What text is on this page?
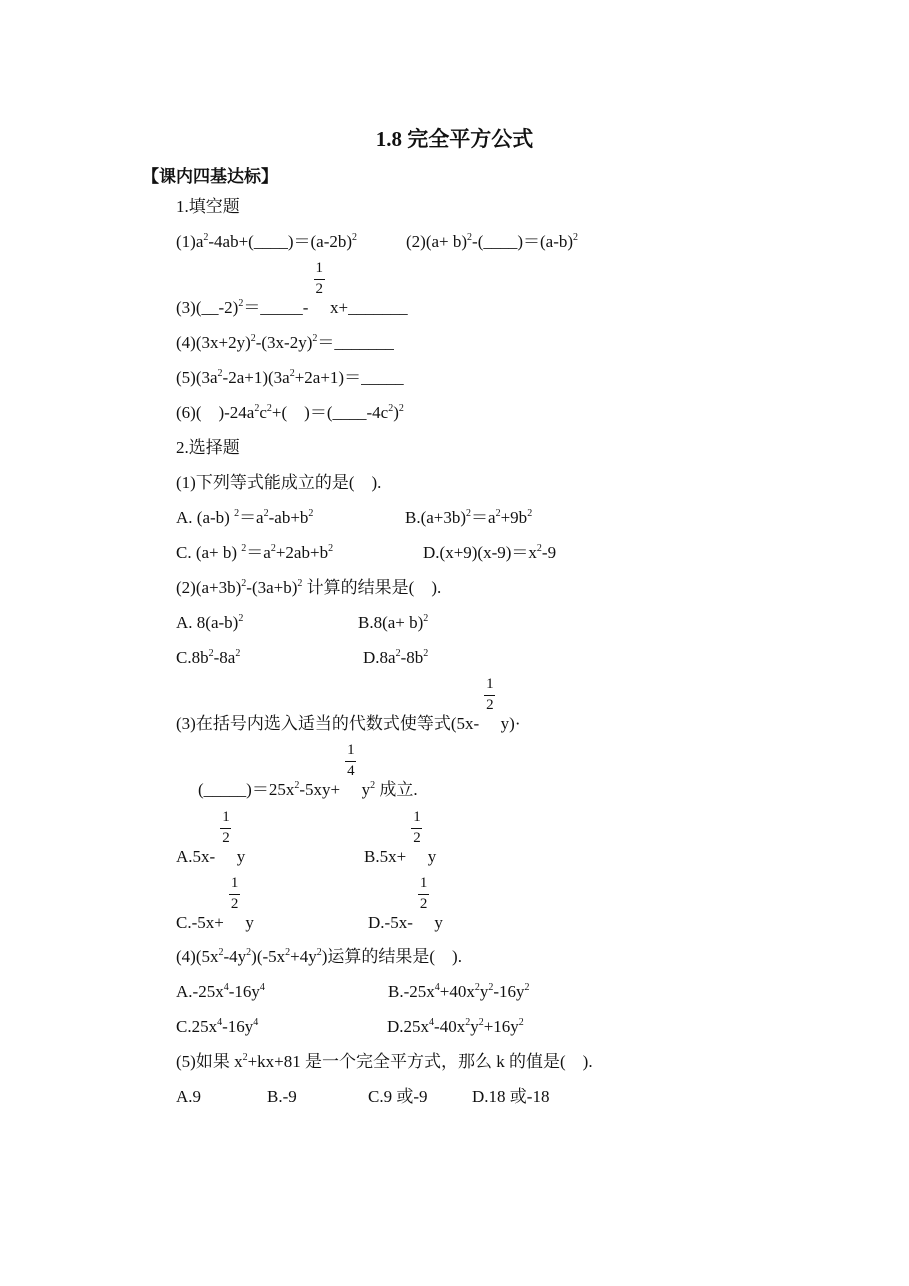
1.8 完全平方公式
【课内四基达标】
1.填空题
$(1)a^2-4ab+(\_\_\_\_)=(a-2b)^2$	$(2)(a+ b)^2-(\_\_\_\_)=(a-b)^2$
(3)(__-2)$^2$＝_____- $\frac{1}{2}$ x+_______
$(4)(3x+2y)^2-(3x-2y)^2=\_\_\_\_\_\_\_$
$(5)(3a^2-2a+1)(3a^2+2a+1)=\_\_\_\_\_$
(6)(　)$-24a^2c^2+$(　)$=(\_\_\_\_-4c^2)^2$
2.选择题
(1)下列等式能成立的是(　).
A. (a-b) $^2=a^2-ab+b^2$	$B.(a+3b)^2=a^2+9b^2$
C. (a+ b) $^2=a^2+2ab+b^2$	$D.(x+9)(x-9)=x^2-9$
$(2)(a+3b)^2-(3a+b)^2$ 计算的结果是(　).
A. $8(a-b)^2$	$B.8(a+ b)^2$
$C.8b^2-8a^2$	$D.8a^2-8b^2$
(3)在括号内选入适当的代数式使等式$(5x- \frac{1}{2} y)\cdot$
$(\_\_\_\_\_)=25x^2-5xy+ \frac{1}{4} y^2$ 成立.
$A.5x- \frac{1}{2}$ y	$B.5x+ \frac{1}{2}$ y
$C.-5x+ \frac{1}{2}$ y	$D.-5x- \frac{1}{2}$ y
$(4)(5x^2-4y^2)(-5x^2+4y^2)$运算的结果是(　).
$A.-25x^4-16y^4$	$B.-25x^4+40x^2y^2-16y^2$
$C.25x^4-16y^4$	$D.25x^4-40x^2y^2+16y^2$
(5)如果 $x^2+kx+81$ 是一个完全平方式，那么 k 的值是(　).
A.9	B.-9	C.9 或-9	D.18 或-18
